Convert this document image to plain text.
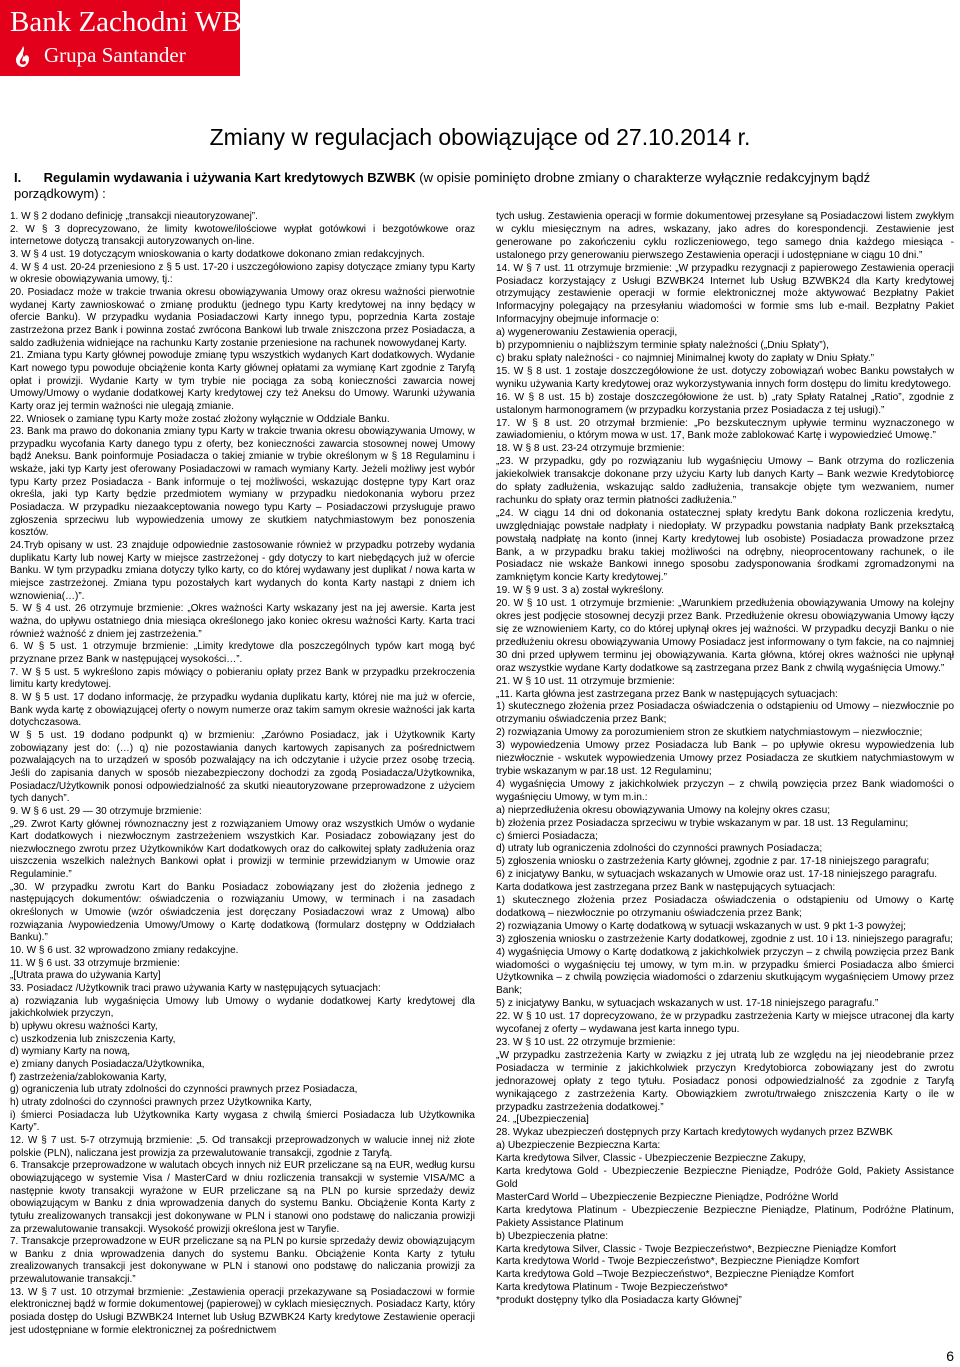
Bank Zachodni WBK
Grupa Santander
Zmiany w regulacjach obowiązujące od 27.10.2014 r.
I. Regulamin wydawania i używania Kart kredytowych BZWBK (w opisie pominięto drobne zmiany o charakterze wyłącznie redakcyjnym bądź porządkowym) :

1. W § 2 dodano definicję „transakcji nieautoryzowanej”.

2. W § 3 doprecyzowano, że limity kwotowe/ilościowe wypłat gotówkowi i bezgotówkowe oraz internetowe dotyczą transakcji autoryzowanych on-line.

3. W § 4 ust. 19 dotyczącym wnioskowania o karty dodatkowe dokonano zmian redakcyjnych.

4. W § 4 ust. 20-24 przeniesiono z § 5 ust. 17-20 i uszczegółowiono zapisy dotyczące zmiany typu Karty w okresie obowiązywania umowy, tj.:

20. Posiadacz może w trakcie trwania okresu obowiązywania Umowy oraz okresu ważności pierwotnie wydanej Karty zawnioskować o zmianę produktu (jednego typu Karty kredytowej na inny będący w ofercie Banku). W przypadku wydania Posiadaczowi Karty innego typu, poprzednia Karta zostaje zastrzeżona przez Bank i powinna zostać zwrócona Bankowi lub trwale zniszczona przez Posiadacza, a saldo zadłużenia widniejące na rachunku Karty zostanie przeniesione na rachunek nowowydanej Karty.

21. Zmiana typu Karty głównej powoduje zmianę typu wszystkich wydanych Kart dodatkowych. Wydanie Kart nowego typu powoduje obciążenie konta Karty głównej opłatami za wymianę Kart zgodnie z Taryfą opłat i prowizji. Wydanie Karty w tym trybie nie pociąga za sobą konieczności zawarcia nowej Umowy/Umowy o wydanie dodatkowej Karty kredytowej czy też Aneksu do Umowy. Warunki używania Karty oraz jej termin ważności nie ulegają zmianie.

22. Wniosek o zamianę typu Karty może zostać złożony wyłącznie w Oddziale Banku.

23. Bank ma prawo do dokonania zmiany typu Karty w trakcie trwania okresu obowiązywania Umowy, w przypadku wycofania Karty danego typu z oferty, bez konieczności zawarcia stosownej nowej Umowy bądź Aneksu. Bank poinformuje Posiadacza o takiej zmianie w trybie określonym w § 18 Regulaminu i wskaże, jaki typ Karty jest oferowany Posiadaczowi w ramach wymiany Karty. Jeżeli możliwy jest wybór typu Karty przez Posiadacza - Bank informuje o tej możliwości, wskazując dostępne typy Kart oraz określa, jaki typ Karty będzie przedmiotem wymiany w przypadku niedokonania wyboru przez Posiadacza. W przypadku niezaakceptowania nowego typu Karty – Posiadaczowi przysługuje prawo zgłoszenia sprzeciwu lub wypowiedzenia umowy ze skutkiem natychmiastowym bez ponoszenia kosztów.

24.Tryb opisany w ust. 23 znajduje odpowiednie zastosowanie również w przypadku potrzeby wydania duplikatu Karty lub nowej Karty w miejsce zastrzeżonej - gdy dotyczy to kart niebędących już w ofercie Banku. W tym przypadku zmiana dotyczy tylko karty, co do której wydawany jest duplikat / nowa karta w miejsce zastrzeżonej. Zmiana typu pozostałych kart wydanych do konta Karty nastąpi z dniem ich wznowienia(…)”.

5. W § 4 ust. 26 otrzymuje brzmienie: „Okres ważności Karty wskazany jest na jej awersie. Karta jest ważna, do upływu ostatniego dnia miesiąca określonego jako koniec okresu ważności Karty. Karta traci również ważność z dniem jej zastrzeżenia.”

6. W § 5 ust. 1 otrzymuje brzmienie: „Limity kredytowe dla poszczególnych typów kart mogą być przyznane przez Bank w następującej wysokości…”.

7. W § 5 ust. 5 wykreślono zapis mówiący o pobieraniu opłaty przez Bank w przypadku przekroczenia limitu karty kredytowej.

8. W § 5 ust. 17 dodano informację, że przypadku wydania duplikatu karty, której nie ma już w ofercie, Bank wyda kartę z obowiązującej oferty o nowym numerze oraz takim samym okresie ważności jak karta dotychczasowa.

W § 5 ust. 19 dodano podpunkt q) w brzmieniu: „Zarówno Posiadacz, jak i Użytkownik Karty zobowiązany jest do: (…) q) nie pozostawiania danych kartowych zapisanych za pośrednictwem pozwalających na to urządzeń w sposób pozwalający na ich odczytanie i użycie przez osobę trzecią. Jeśli do zapisania danych w sposób niezabezpieczony dochodzi za zgodą Posiadacza/Użytkownika, Posiadacz/Użytkownik ponosi odpowiedzialność za skutki nieautoryzowane przeprowadzone z użyciem tych danych”.

9. W § 6 ust. 29 — 30 otrzymuje brzmienie:

„29. Zwrot Karty głównej równoznaczny jest z rozwiązaniem Umowy oraz wszystkich Umów o wydanie Kart dodatkowych i niezwłocznym zastrzeżeniem wszystkich Kar. Posiadacz zobowiązany jest do niezwłocznego zwrotu przez Użytkowników Kart dodatkowych oraz do całkowitej spłaty zadłużenia oraz uiszczenia wszelkich należnych Bankowi opłat i prowizji w terminie przewidzianym w Umowie oraz Regulaminie.”

„30. W przypadku zwrotu Kart do Banku Posiadacz zobowiązany jest do złożenia jednego z następujących dokumentów: oświadczenia o rozwiązaniu Umowy, w terminach i na zasadach określonych w Umowie (wzór oświadczenia jest doręczany Posiadaczowi wraz z Umową) albo rozwiązania /wypowiedzenia Umowy/Umowy o Kartę dodatkową (formularz dostępny w Oddziałach Banku).”

10. W § 6 ust. 32 wprowadzono zmiany redakcyjne.

11. W § 6 ust. 33 otrzymuje brzmienie:

„[Utrata prawa do używania Karty]

33. Posiadacz /Użytkownik traci prawo używania Karty w następujących sytuacjach:

a) rozwiązania lub wygaśnięcia Umowy lub Umowy o wydanie dodatkowej Karty kredytowej dla jakichkolwiek przyczyn,

b) upływu okresu ważności Karty,

c) uszkodzenia lub zniszczenia Karty,

d) wymiany Karty na nową,

e) zmiany danych Posiadacza/Użytkownika,

f) zastrzeżenia/zablokowania Karty,

g) ograniczenia lub utraty zdolności do czynności prawnych przez Posiadacza,

h) utraty zdolności do czynności prawnych przez Użytkownika Karty,

i) śmierci Posiadacza lub Użytkownika Karty wygasa z chwilą śmierci Posiadacza lub Użytkownika Karty”.

12. W § 7 ust. 5-7 otrzymują brzmienie: „5. Od transakcji przeprowadzonych w walucie innej niż złote polskie (PLN), naliczana jest prowizja za przewalutowanie transakcji, zgodnie z Taryfą.

6. Transakcje przeprowadzone w walutach obcych innych niż EUR przeliczane są na EUR, według kursu obowiązującego w systemie Visa / MasterCard w dniu rozliczenia transakcji w systemie VISA/MC a następnie kwoty transakcji wyrażone w EUR przeliczane są na PLN po kursie sprzedaży dewiz obowiązującym w Banku z dnia wprowadzenia danych do systemu Banku. Obciążenie Konta Karty z tytułu zrealizowanych transakcji jest dokonywane w PLN i stanowi ono podstawę do naliczania prowizji za przewalutowanie transakcji. Wysokość prowizji określona jest w Taryfie.

7. Transakcje przeprowadzone w EUR przeliczane są na PLN po kursie sprzedaży dewiz obowiązującym w Banku z dnia wprowadzenia danych do systemu Banku. Obciążenie Konta Karty z tytułu zrealizowanych transakcji jest dokonywane w PLN i stanowi ono podstawę do naliczania prowizji za przewalutowanie transakcji.”

13. W § 7 ust. 10 otrzymał brzmienie: „Zestawienia operacji przekazywane są Posiadaczowi w formie elektronicznej bądź w formie dokumentowej (papierowej) w cyklach miesięcznych. Posiadacz Karty, który posiada dostęp do Usługi BZWBK24 Internet lub Usług BZWBK24 Karty kredytowe Zestawienie operacji jest udostępniane w formie elektronicznej za pośrednictwem

tych usług. Zestawienia operacji w formie dokumentowej przesyłane są Posiadaczowi listem zwykłym w cyklu miesięcznym na adres, wskazany, jako adres do korespondencji. Zestawienie jest generowane po zakończeniu cyklu rozliczeniowego, tego samego dnia każdego miesiąca - ustalonego przy generowaniu pierwszego Zestawienia operacji i udostępniane w ciągu 10 dni.”

14. W § 7 ust. 11 otrzymuje brzmienie: „W przypadku rezygnacji z papierowego Zestawienia operacji Posiadacz korzystający z Usługi BZWBK24 Internet lub Usług BZWBK24 dla Karty kredytowej otrzymujący zestawienie operacji w formie elektronicznej może aktywować Bezpłatny Pakiet Informacyjny polegający na przesyłaniu wiadomości w formie sms lub e-mail. Bezpłatny Pakiet Informacyjny obejmuje informacje o:

a) wygenerowaniu Zestawienia operacji,

b) przypomnieniu o najbliższym terminie spłaty należności („Dniu Spłaty”),

c) braku spłaty należności - co najmniej Minimalnej kwoty do zapłaty w Dniu Spłaty.”

15. W § 8 ust. 1 zostaje doszczegółowione że ust. dotyczy zobowiązań wobec Banku powstałych w wyniku używania Karty kredytowej oraz wykorzystywania innych form dostępu do limitu kredytowego.

16. W § 8 ust. 15 b) zostaje doszczegółowione że ust. b) „raty Spłaty Ratalnej „Ratio”, zgodnie z ustalonym harmonogramem (w przypadku korzystania przez Posiadacza z tej usługi).”

17. W § 8 ust. 20 otrzymał brzmienie: „Po bezskutecznym upływie terminu wyznaczonego w zawiadomieniu, o którym mowa w ust. 17, Bank może zablokować Kartę i wypowiedzieć Umowę.”

18. W § 8 ust. 23-24 otrzymuje brzmienie:

„23. W przypadku, gdy po rozwiązaniu lub wygaśnięciu Umowy – Bank otrzyma do rozliczenia jakiekolwiek transakcje dokonane przy użyciu Karty lub danych Karty – Bank wezwie Kredytobiorcę do spłaty zadłużenia, wskazując saldo zadłużenia, transakcje objęte tym wezwaniem, numer rachunku do spłaty oraz termin płatności zadłużenia.”

„24. W ciągu 14 dni od dokonania ostatecznej spłaty kredytu Bank dokona rozliczenia kredytu, uwzględniając powstałe nadpłaty i niedopłaty. W przypadku powstania nadpłaty Bank przekształcą powstałą nadpłatę na konto (innej Karty kredytowej lub osobiste) Posiadacza prowadzone przez Bank, a w przypadku braku takiej możliwości na odrębny, nieoprocentowany rachunek, o ile Posiadacz nie wskaże Bankowi innego sposobu zadysponowania środkami zgromadzonymi na zamkniętym koncie Karty kredytowej.”

19. W § 9 ust. 3 a) został wykreślony.

20. W § 10 ust. 1 otrzymuje brzmienie: „Warunkiem przedłużenia obowiązywania Umowy na kolejny okres jest podjęcie stosownej decyzji przez Bank. Przedłużenie okresu obowiązywania Umowy łączy się ze wznowieniem Karty, co do której upłynął okres jej ważności. W przypadku decyzji Banku o nie przedłużeniu okresu obowiązywania Umowy Posiadacz jest informowany o tym fakcie, na co najmniej 30 dni przed upływem terminu jej obowiązywania. Karta główna, której okres ważności nie upłynął oraz wszystkie wydane Karty dodatkowe są zastrzegana przez Bank z chwilą wygaśnięcia Umowy.”

21. W § 10 ust. 11 otrzymuje brzmienie:

„11. Karta główna jest zastrzegana przez Bank w następujących sytuacjach:

1) skutecznego złożenia przez Posiadacza oświadczenia o odstąpieniu od Umowy – niezwłocznie po otrzymaniu oświadczenia przez Bank;

2) rozwiązania Umowy za porozumieniem stron ze skutkiem natychmiastowym – niezwłocznie;

3) wypowiedzenia Umowy przez Posiadacza lub Bank – po upływie okresu wypowiedzenia lub niezwłocznie - wskutek wypowiedzenia Umowy przez Posiadacza ze skutkiem natychmiastowym w trybie wskazanym w par.18 ust. 12 Regulaminu;

4) wygaśnięcia Umowy z jakichkolwiek przyczyn – z chwilą powzięcia przez Bank wiadomości o wygaśnięciu Umowy, w tym m.in.:

a) nieprzedłużenia okresu obowiązywania Umowy na kolejny okres czasu;

b) złożenia przez Posiadacza sprzeciwu w trybie wskazanym w par. 18 ust. 13 Regulaminu;

c) śmierci Posiadacza;

d) utraty lub ograniczenia zdolności do czynności prawnych Posiadacza;

5) zgłoszenia wniosku o zastrzeżenia Karty głównej, zgodnie z par. 17-18 niniejszego paragrafu;

6) z inicjatywy Banku, w sytuacjach wskazanych w Umowie oraz ust. 17-18 niniejszego paragrafu.

Karta dodatkowa jest zastrzegana przez Bank w następujących sytuacjach:

1) skutecznego złożenia przez Posiadacza oświadczenia o odstąpieniu od Umowy o Kartę dodatkową – niezwłocznie po otrzymaniu oświadczenia przez Bank;

2) rozwiązania Umowy o Kartę dodatkową w sytuacji wskazanych w ust. 9 pkt 1-3 powyżej;

3) zgłoszenia wniosku o zastrzeżenie Karty dodatkowej, zgodnie z ust. 10 i 13. niniejszego paragrafu;

4) wygaśnięcia Umowy o Kartę dodatkową z jakichkolwiek przyczyn – z chwilą powzięcia przez Bank wiadomości o wygaśnięciu tej umowy, w tym m.in. w przypadku śmierci Posiadacza albo śmierci Użytkownika – z chwilą powzięcia wiadomości o zdarzeniu skutkującym wygaśnięciem Umowy przez Bank;

5) z inicjatywy Banku, w sytuacjach wskazanych w ust. 17-18 niniejszego paragrafu.”

22. W § 10 ust. 17 doprecyzowano, że w przypadku zastrzeżenia Karty w miejsce utraconej dla karty wycofanej z oferty – wydawana jest karta innego typu.

23. W § 10 ust. 22 otrzymuje brzmienie:

„W przypadku zastrzeżenia Karty w związku z jej utratą lub ze względu na jej nieodebranie przez Posiadacza w terminie z jakichkolwiek przyczyn Kredytobiorca zobowiązany jest do zwrotu jednorazowej opłaty z tego tytułu. Posiadacz ponosi odpowiedzialność za zgodnie z Taryfą wynikającego z zastrzeżenia Karty. Obowiązkiem zwrotu/trwałego zniszczenia Karty o ile w przypadku zastrzeżenia dodatkowej.”

24. „[Ubezpieczenia]

28. Wykaz ubezpieczeń dostępnych przy Kartach kredytowych wydanych przez BZWBK

a) Ubezpieczenie Bezpieczna Karta:

Karta kredytowa Silver, Classic - Ubezpieczenie Bezpieczne Zakupy,

Karta kredytowa Gold - Ubezpieczenie Bezpieczne Pieniądze, Podróże Gold, Pakiety Assistance Gold

MasterCard World – Ubezpieczenie Bezpieczne Pieniądze, Podróżne World

Karta kredytowa Platinum - Ubezpieczenie Bezpieczne Pieniądze, Platinum, Podróżne Platinum, Pakiety Assistance Platinum

b) Ubezpieczenia płatne:

Karta kredytowa Silver, Classic - Twoje Bezpieczeństwo*, Bezpieczne Pieniądze Komfort

Karta kredytowa World - Twoje Bezpieczeństwo*, Bezpieczne Pieniądze Komfort

Karta kredytowa Gold –Twoje Bezpieczeństwo*, Bezpieczne Pieniądze Komfort

Karta kredytowa Platinum - Twoje Bezpieczeństwo*

*produkt dostępny tylko dla Posiadacza karty Głównej”

6
